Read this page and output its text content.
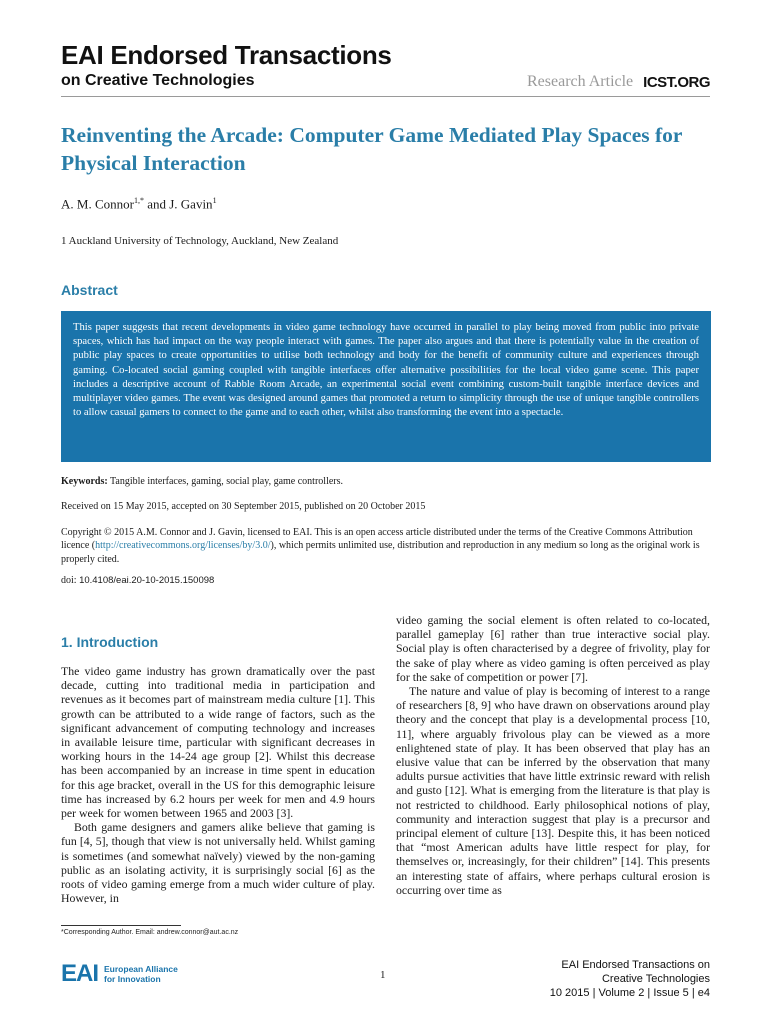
EAI Endorsed Transactions
on Creative Technologies	Research Article ICST.ORG
Reinventing the Arcade: Computer Game Mediated Play Spaces for Physical Interaction
A. M. Connor$^{1,*}$ and J. Gavin$^1$
1 Auckland University of Technology, Auckland, New Zealand
Abstract

This paper suggests that recent developments in video game technology have occurred in parallel to play being moved from public into private spaces, which has had impact on the way people interact with games. The paper also argues and that there is potentially value in the creation of public play spaces to create opportunities to utilise both technology and body for the benefit of community culture and experiences through gaming. Co-located social gaming coupled with tangible interfaces offer alternative possibilities for the local video game scene. This paper includes a descriptive account of Rabble Room Arcade, an experimental social event combining custom-built tangible interface devices and multiplayer video games. The event was designed around games that promoted a return to simplicity through the use of unique tangible controllers to allow casual gamers to connect to the game and to each other, whilst also transforming the event into a spectacle.

Keywords: Tangible interfaces, gaming, social play, game controllers.
Received on 15 May 2015, accepted on 30 September 2015, published on 20 October 2015
Copyright © 2015 A.M. Connor and J. Gavin, licensed to EAI. This is an open access article distributed under the terms of the Creative Commons Attribution licence (http://creativecommons.org/licenses/by/3.0/), which permits unlimited use, distribution and reproduction in any medium so long as the original work is properly cited.
doi: 10.4108/eai.20-10-2015.150098
1. Introduction

The video game industry has grown dramatically over the past decade, cutting into traditional media in participation and revenues as it becomes part of mainstream media culture [1]. This growth can be attributed to a wide range of factors, such as the significant advancement of computing technology and increases in available leisure time, particular with significant decreases in working hours in the 14-24 age group [2]. Whilst this decrease has been accompanied by an increase in time spent in education for this age bracket, overall in the US for this demographic leisure time has increased by 6.2 hours per week for men and 4.9 hours per week for women between 1965 and 2003 [3].

Both game designers and gamers alike believe that gaming is fun [4, 5], though that view is not universally held. Whilst gaming is sometimes (and somewhat naïvely) viewed by the non-gaming public as an isolating activity, it is surprisingly social [6] as the roots of video gaming emerge from a much wider culture of play. However, in

video gaming the social element is often related to co-located, parallel gameplay [6] rather than true interactive social play. Social play is often characterised by a degree of frivolity, play for the sake of play where as video gaming is often perceived as play for the sake of competition or power [7].

The nature and value of play is becoming of interest to a range of researchers [8, 9] who have drawn on observations around play theory and the concept that play is a developmental process [10, 11], where arguably frivolous play can be viewed as a more enlightened state of play. It has been observed that play has an elusive value that can be inferred by the observation that many adults pursue activities that have little extrinsic reward with relish and gusto [12]. What is emerging from the literature is that play is not restricted to childhood. Early philosophical notions of play, community and interaction suggest that play is a precursor and principal element of culture [13]. Despite this, it has been noticed that “most American adults have little respect for play, for themselves or, increasingly, for their children” [14]. This presents an interesting state of affairs, where perhaps cultural erosion is occurring over time as

*Corresponding Author. Email: andrew.connor@aut.ac.nz
EAI European Alliance
for Innovation	1
EAI Endorsed Transactions on
Creative Technologies
10 2015 | Volume 2 | Issue 5 | e4
